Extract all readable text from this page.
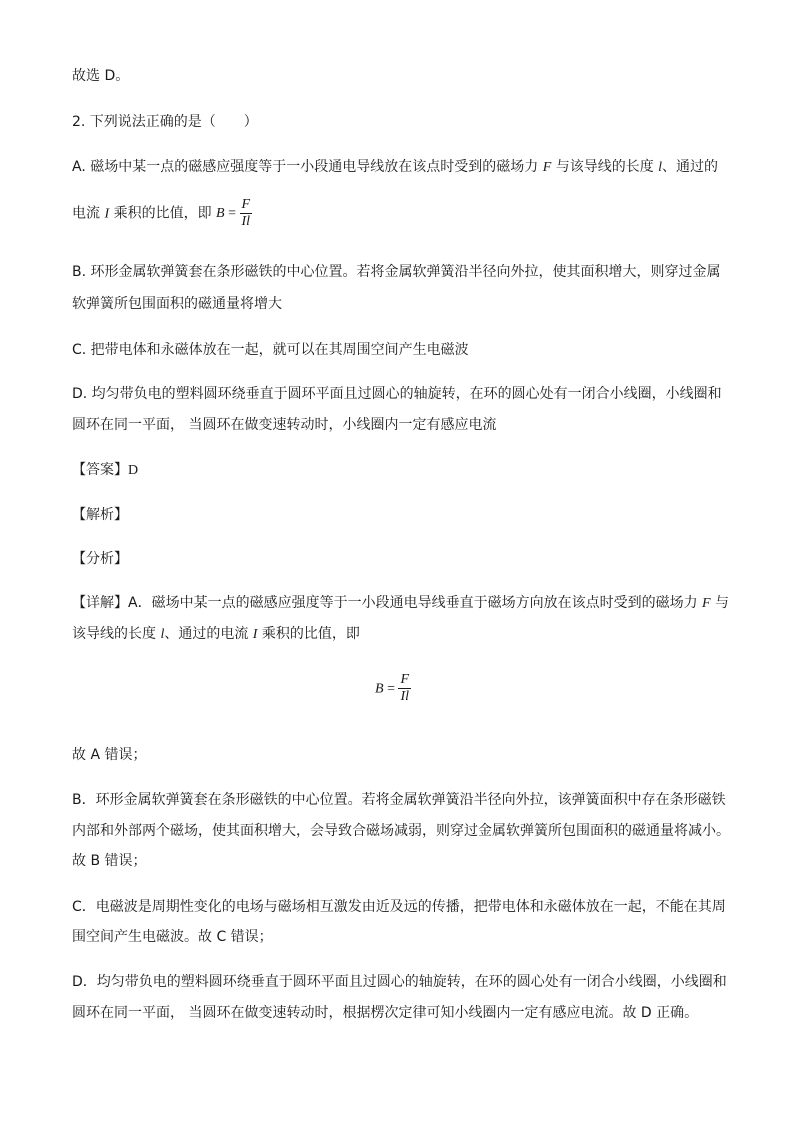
故选 D。
2. 下列说法正确的是（　　）
A. 磁场中某一点的磁感应强度等于一小段通电导线放在该点时受到的磁场力 F 与该导线的长度 l、通过的
电流 I 乘积的比值，即 $B = \frac{F}{Il}$
B. 环形金属软弹簧套在条形磁铁的中心位置。若将金属软弹簧沿半径向外拉，使其面积增大，则穿过金属
软弹簧所包围面积的磁通量将增大
C. 把带电体和永磁体放在一起，就可以在其周围空间产生电磁波
D. 均匀带负电的塑料圆环绕垂直于圆环平面且过圆心的轴旋转，在环的圆心处有一闭合小线圈，小线圈和
圆环在同一平面， 当圆环在做变速转动时，小线圈内一定有感应电流
【答案】D
【解析】
【分析】
【详解】A．磁场中某一点的磁感应强度等于一小段通电导线垂直于磁场方向放在该点时受到的磁场力 F 与
该导线的长度 l、通过的电流 I 乘积的比值，即
$B = \frac{F}{Il}$
故 A 错误；
B．环形金属软弹簧套在条形磁铁的中心位置。若将金属软弹簧沿半径向外拉，该弹簧面积中存在条形磁铁
内部和外部两个磁场，使其面积增大，会导致合磁场减弱，则穿过金属软弹簧所包围面积的磁通量将减小。
故 B 错误；
C．电磁波是周期性变化的电场与磁场相互激发由近及远的传播，把带电体和永磁体放在一起，不能在其周
围空间产生电磁波。故 C 错误；
D．均匀带负电的塑料圆环绕垂直于圆环平面且过圆心的轴旋转，在环的圆心处有一闭合小线圈，小线圈和
圆环在同一平面， 当圆环在做变速转动时，根据楞次定律可知小线圈内一定有感应电流。故 D 正确。
